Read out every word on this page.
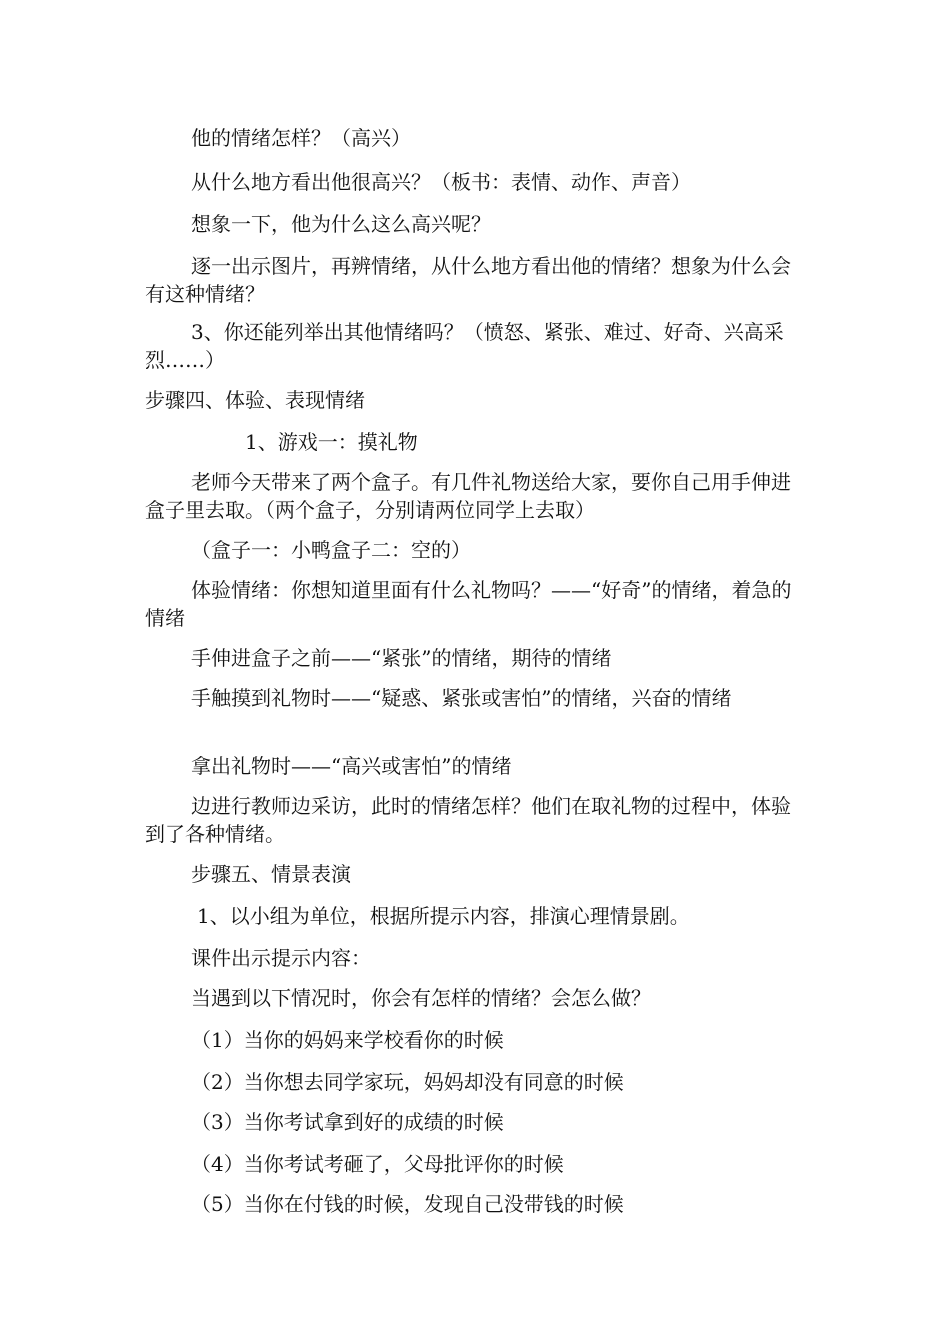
他的情绪怎样？（高兴）

从什么地方看出他很高兴？（板书：表情、动作、声音）

想象一下，他为什么这么高兴呢？

逐一出示图片，再辨情绪，从什么地方看出他的情绪？想象为什么会有这种情绪？

3、你还能列举出其他情绪吗？（愤怒、紧张、难过、好奇、兴高采烈……）

步骤四、体验、表现情绪

1、游戏一：摸礼物

老师今天带来了两个盒子。有几件礼物送给大家，要你自己用手伸进盒子里去取。（两个盒子，分别请两位同学上去取）

（盒子一：小鸭盒子二：空的）

体验情绪：你想知道里面有什么礼物吗？——“好奇”的情绪，着急的情绪

手伸进盒子之前——“紧张”的情绪，期待的情绪

手触摸到礼物时——“疑惑、紧张或害怕”的情绪，兴奋的情绪

拿出礼物时——“高兴或害怕”的情绪

边进行教师边采访，此时的情绪怎样？他们在取礼物的过程中，体验到了各种情绪。

步骤五、情景表演

1、以小组为单位，根据所提示内容，排演心理情景剧。

课件出示提示内容：

当遇到以下情况时，你会有怎样的情绪？会怎么做？

（1）当你的妈妈来学校看你的时候

（2）当你想去同学家玩，妈妈却没有同意的时候

（3）当你考试拿到好的成绩的时候

（4）当你考试考砸了，父母批评你的时候

（5）当你在付钱的时候，发现自己没带钱的时候
